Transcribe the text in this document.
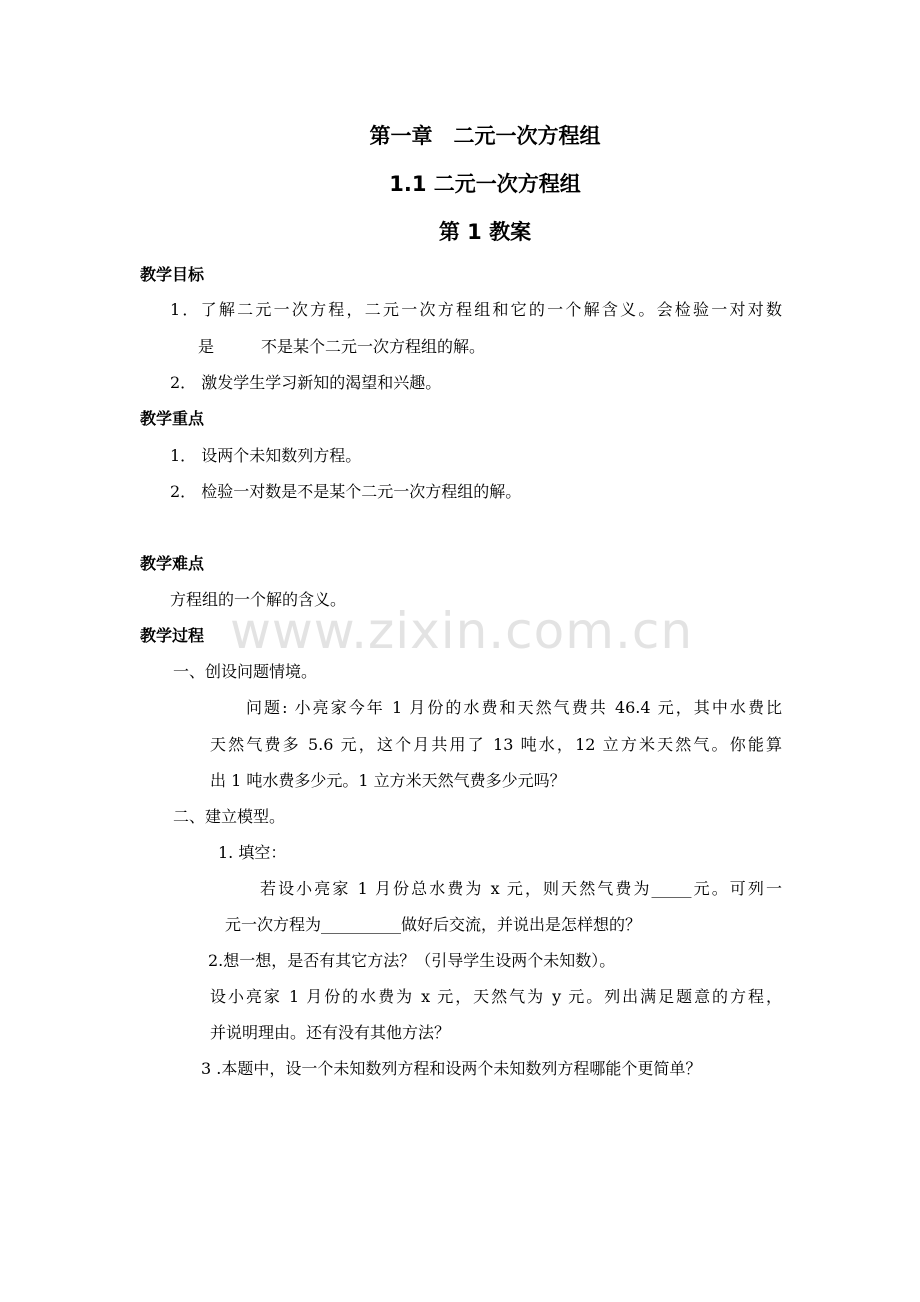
www.zixin.com.cn
第一章　二元一次方程组
1.1 二元一次方程组
第 1 教案
教学目标
1．了解二元一次方程，二元一次方程组和它的一个解含义。会检验一对对数
是	不是某个二元一次方程组的解。
2． 激发学生学习新知的渴望和兴趣。
教学重点
1． 设两个未知数列方程。
2． 检验一对数是不是某个二元一次方程组的解。
教学难点
方程组的一个解的含义。
教学过程
一、创设问题情境。
问题: 小亮家今年 1 月份的水费和天然气费共 46.4 元，其中水费比
天然气费多 5.6 元，这个月共用了 13 吨水，12 立方米天然气。你能算
出 1 吨水费多少元。1 立方米天然气费多少元吗？
二、建立模型。
1. 填空：
若设小亮家 1 月份总水费为 x 元，则天然气费为_____元。可列一
元一次方程为__________做好后交流，并说出是怎样想的？
2.想一想，是否有其它方法？（引导学生设两个未知数）。
设小亮家 1 月份的水费为 x 元，天然气为 y 元。列出满足题意的方程，
并说明理由。还有没有其他方法？
3 .本题中，设一个未知数列方程和设两个未知数列方程哪能个更简单？
